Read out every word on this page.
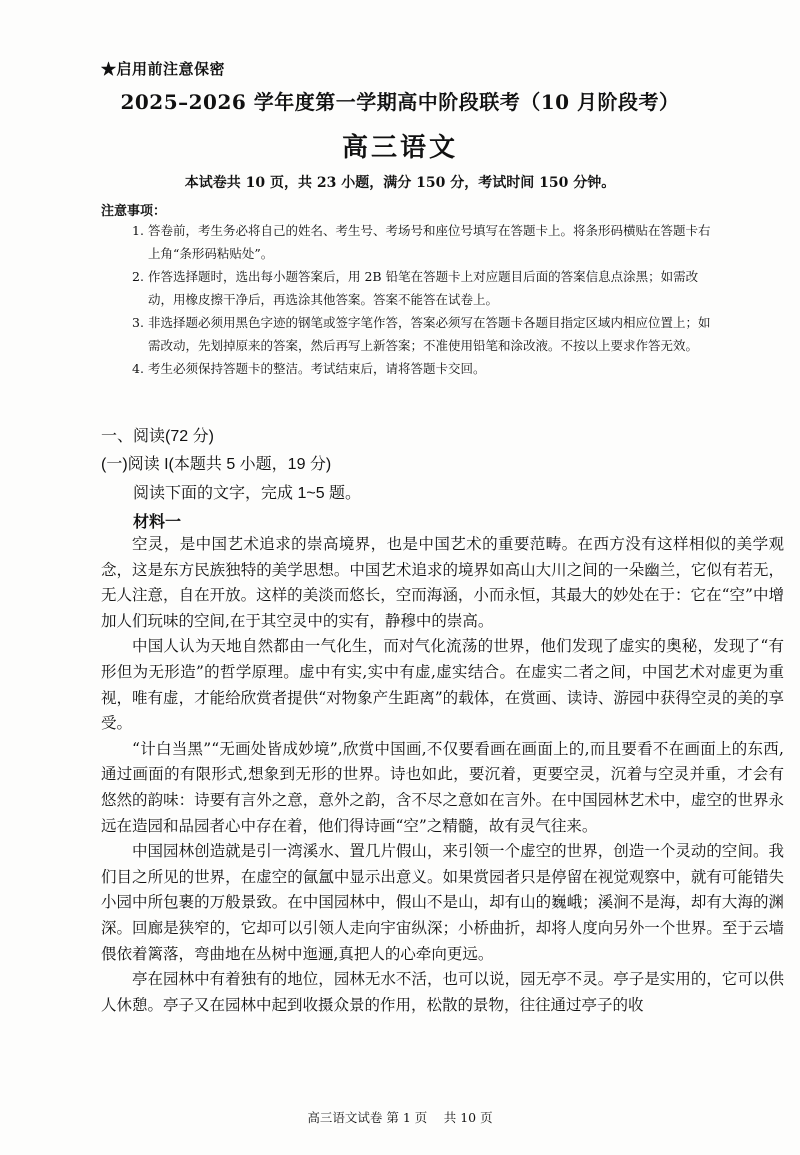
★启用前注意保密
2025–2026 学年度第一学期高中阶段联考（10 月阶段考）
高三语文
本试卷共 10 页，共 23 小题，满分 150 分，考试时间 150 分钟。
注意事项：
1. 答卷前，考生务必将自己的姓名、考生号、考场号和座位号填写在答题卡上。将条形码横贴在答题卡右上角“条形码粘贴处”。
2. 作答选择题时，选出每小题答案后，用 2B 铅笔在答题卡上对应题目后面的答案信息点涂黑；如需改动，用橡皮擦干净后，再选涂其他答案。答案不能答在试卷上。
3. 非选择题必须用黑色字迹的钢笔或签字笔作答，答案必须写在答题卡各题目指定区域内相应位置上；如需改动，先划掉原来的答案，然后再写上新答案；不准使用铅笔和涂改液。不按以上要求作答无效。
4. 考生必须保持答题卡的整洁。考试结束后，请将答题卡交回。
一、阅读(72 分)
(一)阅读 I(本题共 5 小题，19 分)
阅读下面的文字，完成 1~5 题。
材料一

空灵，是中国艺术追求的崇高境界，也是中国艺术的重要范畴。在西方没有这样相似的美学观念，这是东方民族独特的美学思想。中国艺术追求的境界如高山大川之间的一朵幽兰，它似有若无，无人注意，自在开放。这样的美淡而悠长，空而海涵，小而永恒，其最大的妙处在于：它在“空”中增加人们玩味的空间,在于其空灵中的实有，静穆中的崇高。

中国人认为天地自然都由一气化生，而对气化流荡的世界，他们发现了虚实的奥秘，发现了“有形但为无形造”的哲学原理。虚中有实,实中有虚,虚实结合。在虚实二者之间，中国艺术对虚更为重视，唯有虚，才能给欣赏者提供“对物象产生距离”的载体，在赏画、读诗、游园中获得空灵的美的享受。

“计白当黑”“无画处皆成妙境”,欣赏中国画,不仅要看画在画面上的,而且要看不在画面上的东西,通过画面的有限形式,想象到无形的世界。诗也如此，要沉着，更要空灵，沉着与空灵并重，才会有悠然的韵味：诗要有言外之意，意外之韵，含不尽之意如在言外。在中国园林艺术中，虚空的世界永远在造园和品园者心中存在着，他们得诗画“空”之精髓，故有灵气往来。

中国园林创造就是引一湾溪水、置几片假山，来引领一个虚空的世界，创造一个灵动的空间。我们目之所见的世界，在虚空的氤氲中显示出意义。如果赏园者只是停留在视觉观察中，就有可能错失小园中所包裹的万般景致。在中国园林中，假山不是山，却有山的巍峨；溪涧不是海，却有大海的渊深。回廊是狭窄的，它却可以引领人走向宇宙纵深；小桥曲折，却将人度向另外一个世界。至于云墙偎依着篱落，弯曲地在丛树中迤逦,真把人的心牵向更远。

亭在园林中有着独有的地位，园林无水不活，也可以说，园无亭不灵。亭子是实用的，它可以供人休憩。亭子又在园林中起到收摄众景的作用，松散的景物，往往通过亭子的收

高三语文试卷 第 1 页　 共 10 页
